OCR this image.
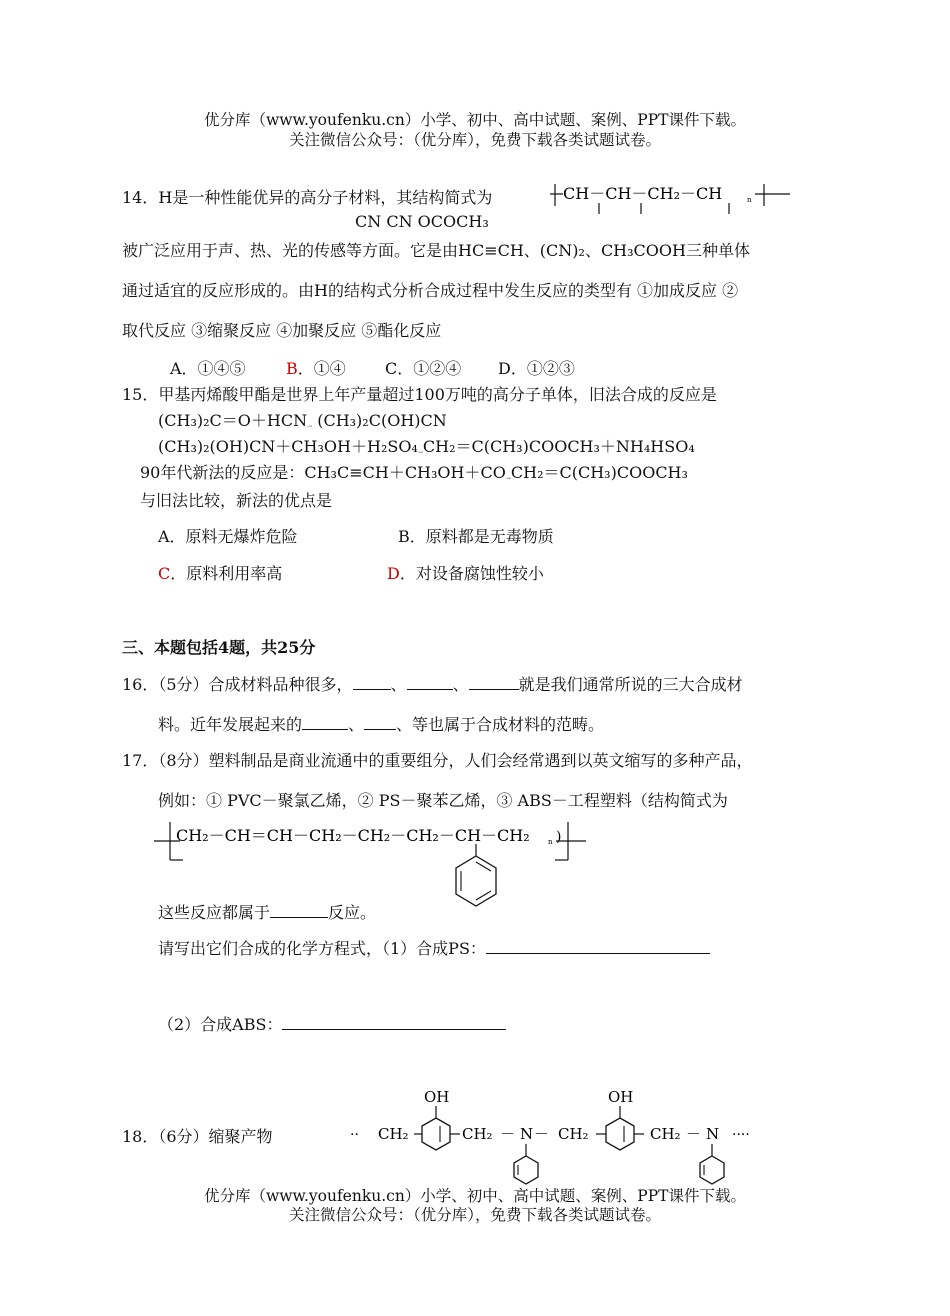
优分库（www.youfenku.cn）小学、初中、高中试题、案例、PPT课件下载。
关注微信公众号：（优分库），免费下载各类试题试卷。
14．H是一种性能优异的高分子材料，其结构简式为	CH－CH－CH₂－CH	n
CN CN OCOCH₃
被广泛应用于声、热、光的传感等方面。它是由HC≡CH、(CN)₂、CH₃COOH三种单体
通过适宜的反应形成的。由H的结构式分析合成过程中发生反应的类型有 ①加成反应 ②
取代反应 ③缩聚反应 ④加聚反应 ⑤酯化反应
A．①④⑤	B．①④ C．①②④ D．①②③
15．甲基丙烯酸甲酯是世界上年产量超过100万吨的高分子单体，旧法合成的反应是
(CH₃)₂C＝O＋HCN→ (CH₃)₂C(OH)CN
(CH₃)₂(OH)CN＋CH₃OH＋H₂SO₄→CH₂＝C(CH₃)COOCH₃＋NH₄HSO₄
90年代新法的反应是：CH₃C≡CH＋CH₃OH＋CO→CH₂＝C(CH₃)COOCH₃
与旧法比较，新法的优点是
A．原料无爆炸危险	B．原料都是无毒物质
C．原料利用率高	D．对设备腐蚀性较小
三、本题包括4题，共25分
16．（5分）合成材料品种很多， 、	、	就是我们通常所说的三大合成材
料。近年发展起来的	、 、等也属于合成材料的范畴。
17．（8分）塑料制品是商业流通中的重要组分，人们会经常遇到以英文缩写的多种产品，
例如：① PVC－聚氯乙烯，② PS－聚苯乙烯，③ ABS－工程塑料（结构简式为
CH₂－CH＝CH－CH₂－CH₂－CH₂－CH－CH₂	n )
这些反应都属于	反应。
请写出它们合成的化学方程式，（1）合成PS：
（2）合成ABS：
18．（6分）缩聚产物	·· CH₂
OH
CH₂ － N － CH₂
OH
CH₂ － N ····
优分库（www.youfenku.cn）小学、初中、高中试题、案例、PPT课件下载。
关注微信公众号：（优分库），免费下载各类试题试卷。
